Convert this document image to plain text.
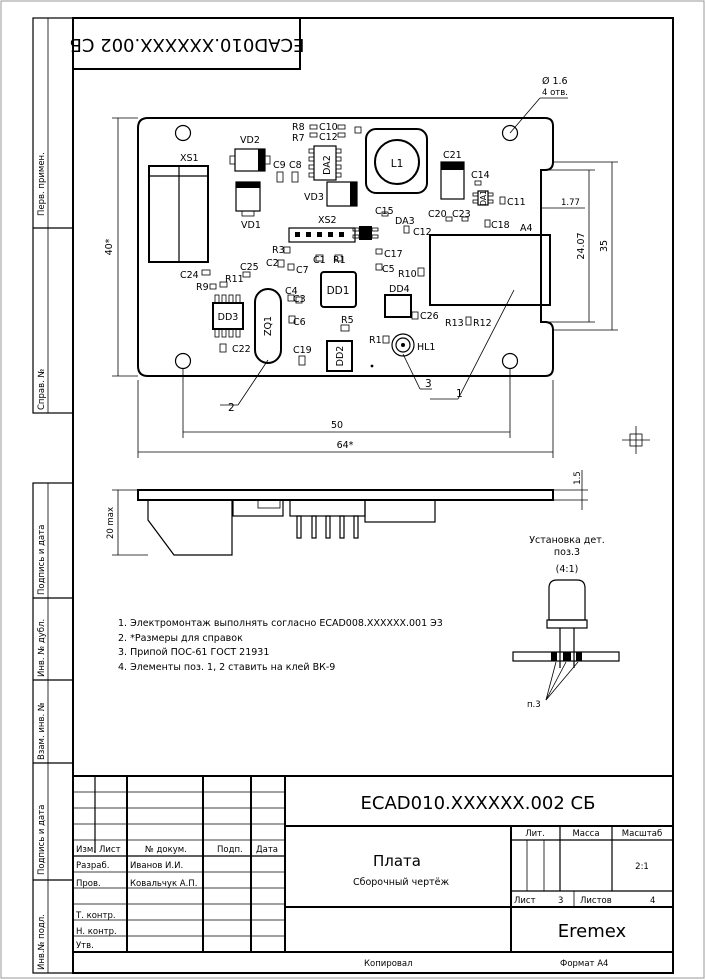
ECAD010.XXXXXX.002 СБ
Перв. примен.
Справ. №
Подпись и дата
Инв. № дубл.
Взам. инв. №
Подпись и дата
Инв.№ подл.
R8
R7
C10
C12
VD2
DA2
C9 C8	L1
C21
C14
XS1
VD3	DA1 C11
VD1
C15	C20 C23
C18
XS2	DA3
C12	A4
R3
C1 R1
C17
C24
C25 C2
C7
R11
C5 R10
R9	DD1	DD4
C4
C3
DD3	ZQ1 C6	R5	C26
R13 R12
R1
HL1
C22	C19 DD2
1
3
2
Ø 1.6
4 отв.
50
64*
40*	35
24.07
1.77
1.5
20 max
Установка дет.
поз.3
(4:1)
п.3
1. Электромонтаж выполнять согласно ECAD008.XXXXXX.001 Э3
2. *Размеры для справок
3. Припой ПОС-61 ГОСТ 21931
4. Элементы поз. 1, 2 ставить на клей ВК-9
ECAD010.XXXXXX.002 СБ
Плата
Сборочный чертёж
Изм. Лист	№ докум.	Подп. Дата
Разраб. Иванов И.И.
Пров.	Ковальчук А.П.
Т. контр.
Н. контр.
Утв.
Лит.	Масса	Масштаб
2:1
Лист	3 Листов	4
Eremex
Копировал	Формат А4
